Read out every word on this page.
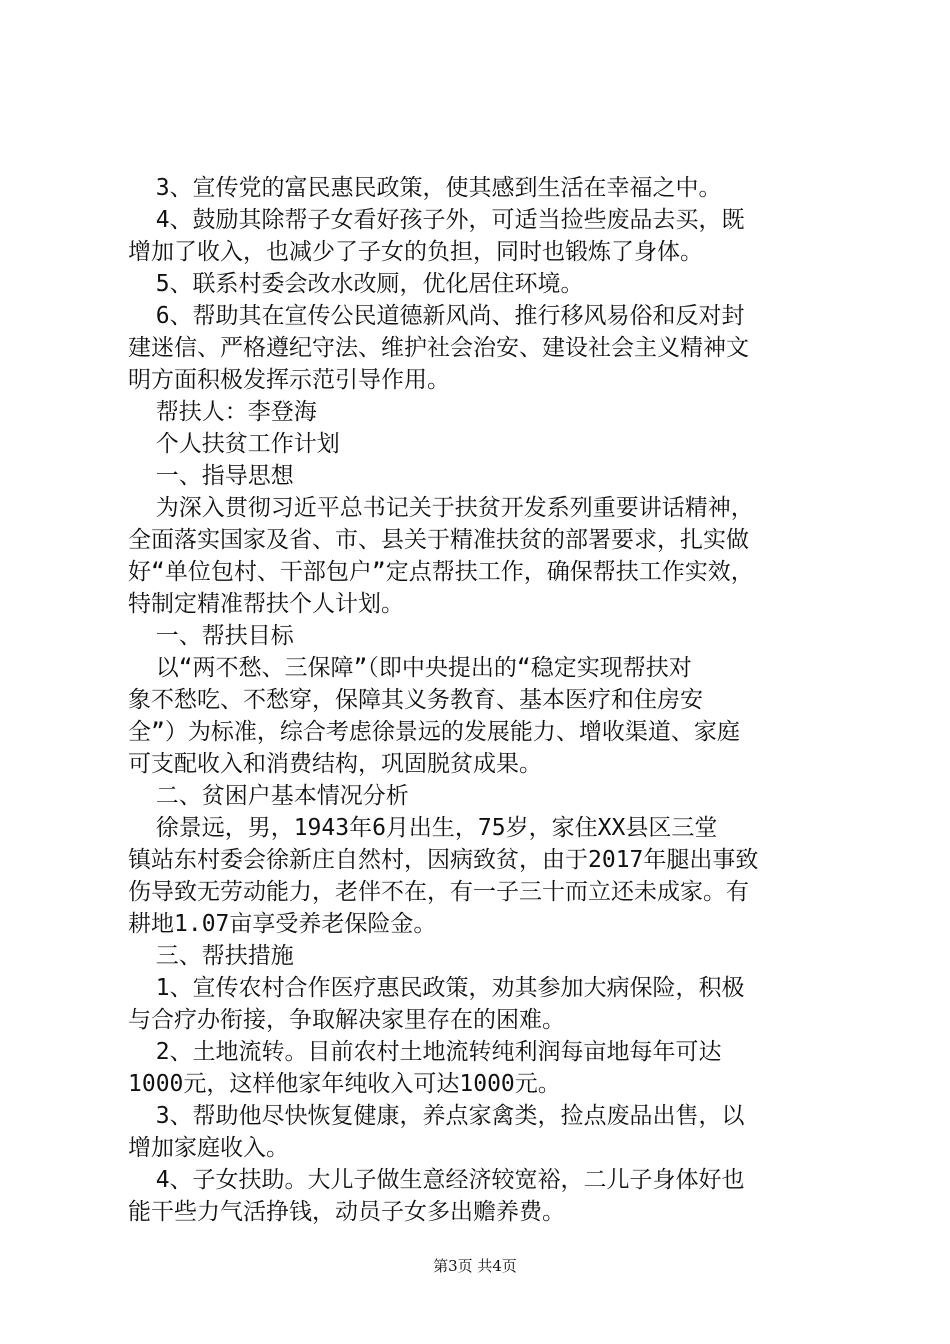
3、宣传党的富民惠民政策，使其感到生活在幸福之中。
4、鼓励其除帮子女看好孩子外，可适当捡些废品去买，既
增加了收入，也减少了子女的负担，同时也锻炼了身体。
5、联系村委会改水改厕，优化居住环境。
6、帮助其在宣传公民道德新风尚、推行移风易俗和反对封
建迷信、严格遵纪守法、维护社会治安、建设社会主义精神文
明方面积极发挥示范引导作用。
帮扶人：李登海
个人扶贫工作计划
一、指导思想
为深入贯彻习近平总书记关于扶贫开发系列重要讲话精神，
全面落实国家及省、市、县关于精准扶贫的部署要求，扎实做
好“单位包村、干部包户”定点帮扶工作，确保帮扶工作实效，
特制定精准帮扶个人计划。
一、帮扶目标
以“两不愁、三保障”（即中央提出的“稳定实现帮扶对
象不愁吃、不愁穿，保障其义务教育、基本医疗和住房安
全”）为标准，综合考虑徐景远的发展能力、增收渠道、家庭
可支配收入和消费结构，巩固脱贫成果。
二、贫困户基本情况分析
徐景远，男，1943年6月出生，75岁，家住XX县区三堂
镇站东村委会徐新庄自然村，因病致贫，由于2017年腿出事致
伤导致无劳动能力，老伴不在，有一子三十而立还未成家。有
耕地1.07亩享受养老保险金。
三、帮扶措施
1、宣传农村合作医疗惠民政策，劝其参加大病保险，积极
与合疗办衔接，争取解决家里存在的困难。
2、土地流转。目前农村土地流转纯利润每亩地每年可达
1000元，这样他家年纯收入可达1000元。
3、帮助他尽快恢复健康，养点家禽类，捡点废品出售，以
增加家庭收入。
4、子女扶助。大儿子做生意经济较宽裕，二儿子身体好也
能干些力气活挣钱，动员子女多出赡养费。
第3页 共4页
